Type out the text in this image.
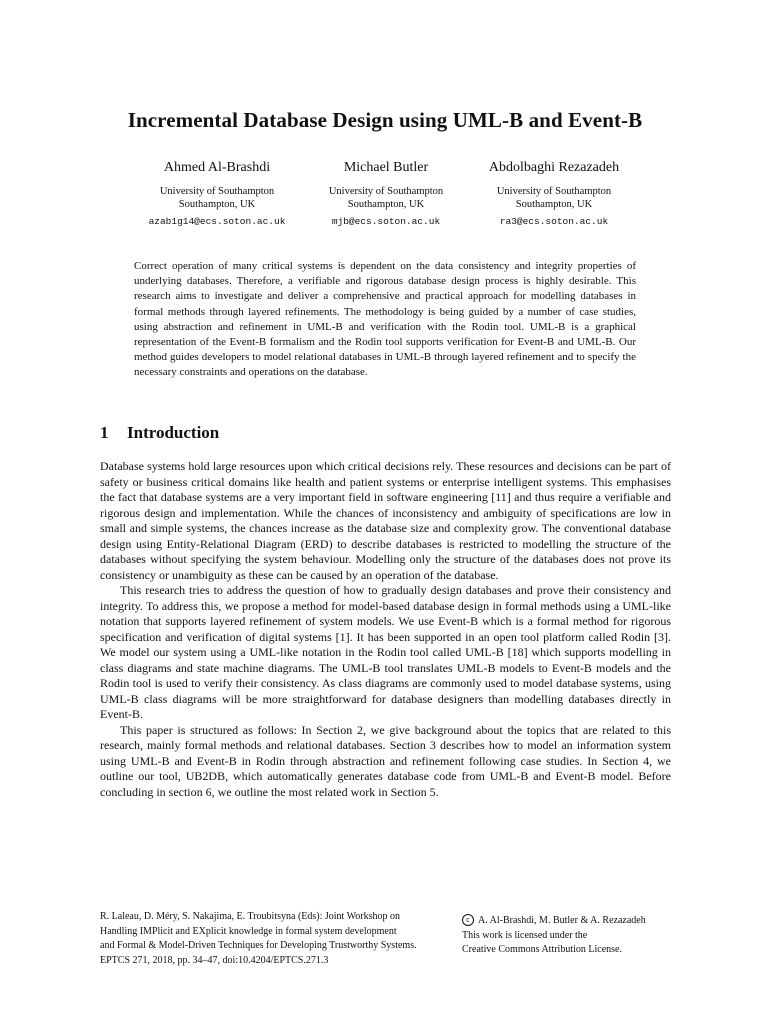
Incremental Database Design using UML-B and Event-B
Ahmed Al-Brashdi
University of Southampton
Southampton, UK
azab1g14@ecs.soton.ac.uk
Michael Butler
University of Southampton
Southampton, UK
mjb@ecs.soton.ac.uk
Abdolbaghi Rezazadeh
University of Southampton
Southampton, UK
ra3@ecs.soton.ac.uk

Correct operation of many critical systems is dependent on the data consistency and integrity properties of underlying databases. Therefore, a verifiable and rigorous database design process is highly desirable. This research aims to investigate and deliver a comprehensive and practical approach for modelling databases in formal methods through layered refinements. The methodology is being guided by a number of case studies, using abstraction and refinement in UML-B and verification with the Rodin tool. UML-B is a graphical representation of the Event-B formalism and the Rodin tool supports verification for Event-B and UML-B. Our method guides developers to model relational databases in UML-B through layered refinement and to specify the necessary constraints and operations on the database.

1 Introduction

Database systems hold large resources upon which critical decisions rely. These resources and decisions can be part of safety or business critical domains like health and patient systems or enterprise intelligent systems. This emphasises the fact that database systems are a very important field in software engineering [11] and thus require a verifiable and rigorous design and implementation. While the chances of inconsistency and ambiguity of specifications are low in small and simple systems, the chances increase as the database size and complexity grow. The conventional database design using Entity-Relational Diagram (ERD) to describe databases is restricted to modelling the structure of the databases without specifying the system behaviour. Modelling only the structure of the databases does not prove its consistency or unambiguity as these can be caused by an operation of the database.

This research tries to address the question of how to gradually design databases and prove their consistency and integrity. To address this, we propose a method for model-based database design in formal methods using a UML-like notation that supports layered refinement of system models. We use Event-B which is a formal method for rigorous specification and verification of digital systems [1]. It has been supported in an open tool platform called Rodin [3]. We model our system using a UML-like notation in the Rodin tool called UML-B [18] which supports modelling in class diagrams and state machine diagrams. The UML-B tool translates UML-B models to Event-B models and the Rodin tool is used to verify their consistency. As class diagrams are commonly used to model database systems, using UML-B class diagrams will be more straightforward for database designers than modelling databases directly in Event-B.

This paper is structured as follows: In Section 2, we give background about the topics that are related to this research, mainly formal methods and relational databases. Section 3 describes how to model an information system using UML-B and Event-B in Rodin through abstraction and refinement following case studies. In Section 4, we outline our tool, UB2DB, which automatically generates database code from UML-B and Event-B model. Before concluding in section 6, we outline the most related work in Section 5.

R. Laleau, D. Méry, S. Nakajima, E. Troubitsyna (Eds): Joint Workshop on
Handling IMPlicit and EXplicit knowledge in formal system development
and Formal & Model-Driven Techniques for Developing Trustworthy Systems.
EPTCS 271, 2018, pp. 34–47, doi:10.4204/EPTCS.271.3

c A. Al-Brashdi, M. Butler & A. Rezazadeh
This work is licensed under the
Creative Commons Attribution License.
